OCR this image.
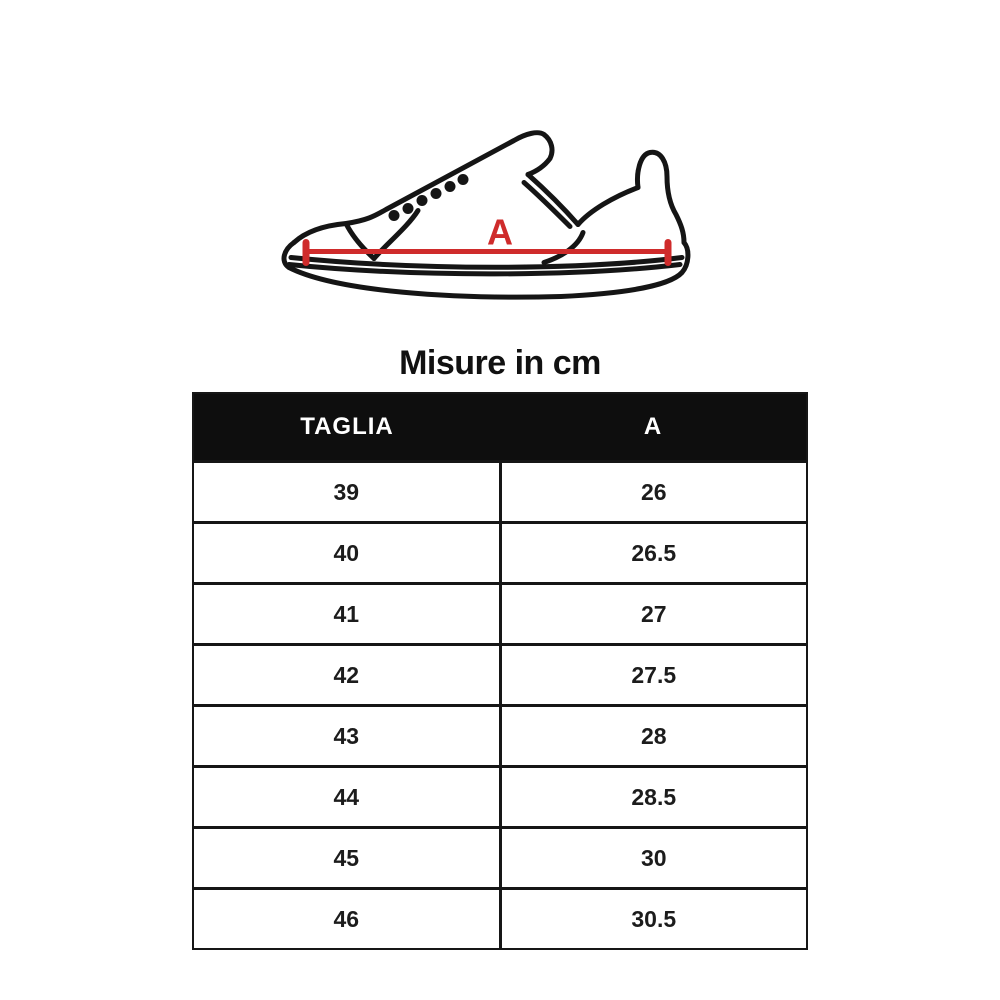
A
Misure in cm
TAGLIA	A
39	26
40	26.5
41	27
42	27.5
43	28
44	28.5
45	30
46	30.5
